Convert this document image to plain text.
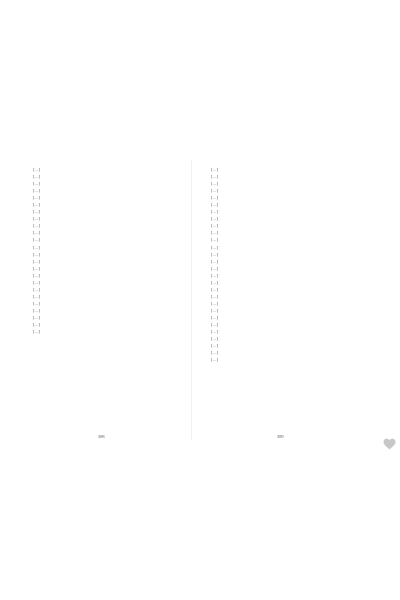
[…]

[…]

[…]

[…]

[…]

[…]

[…]

[…]

[…]

[…]

[…]

[…]

[…]

[…]

[…]

[…]

[…]

[…]

[…]

[…]

[…]

[…]

[…]

[…]

[…]

[…]

[…]

[…]

[…]

[…]

[…]

[…]

[…]

[…]

[…]

[…]

[…]

[…]

[…]

[…]

[…]

[…]

[…]

[…]

[…]

[…]

[…]

[…]

[…]

[…]

[…]

[…]

388	389
